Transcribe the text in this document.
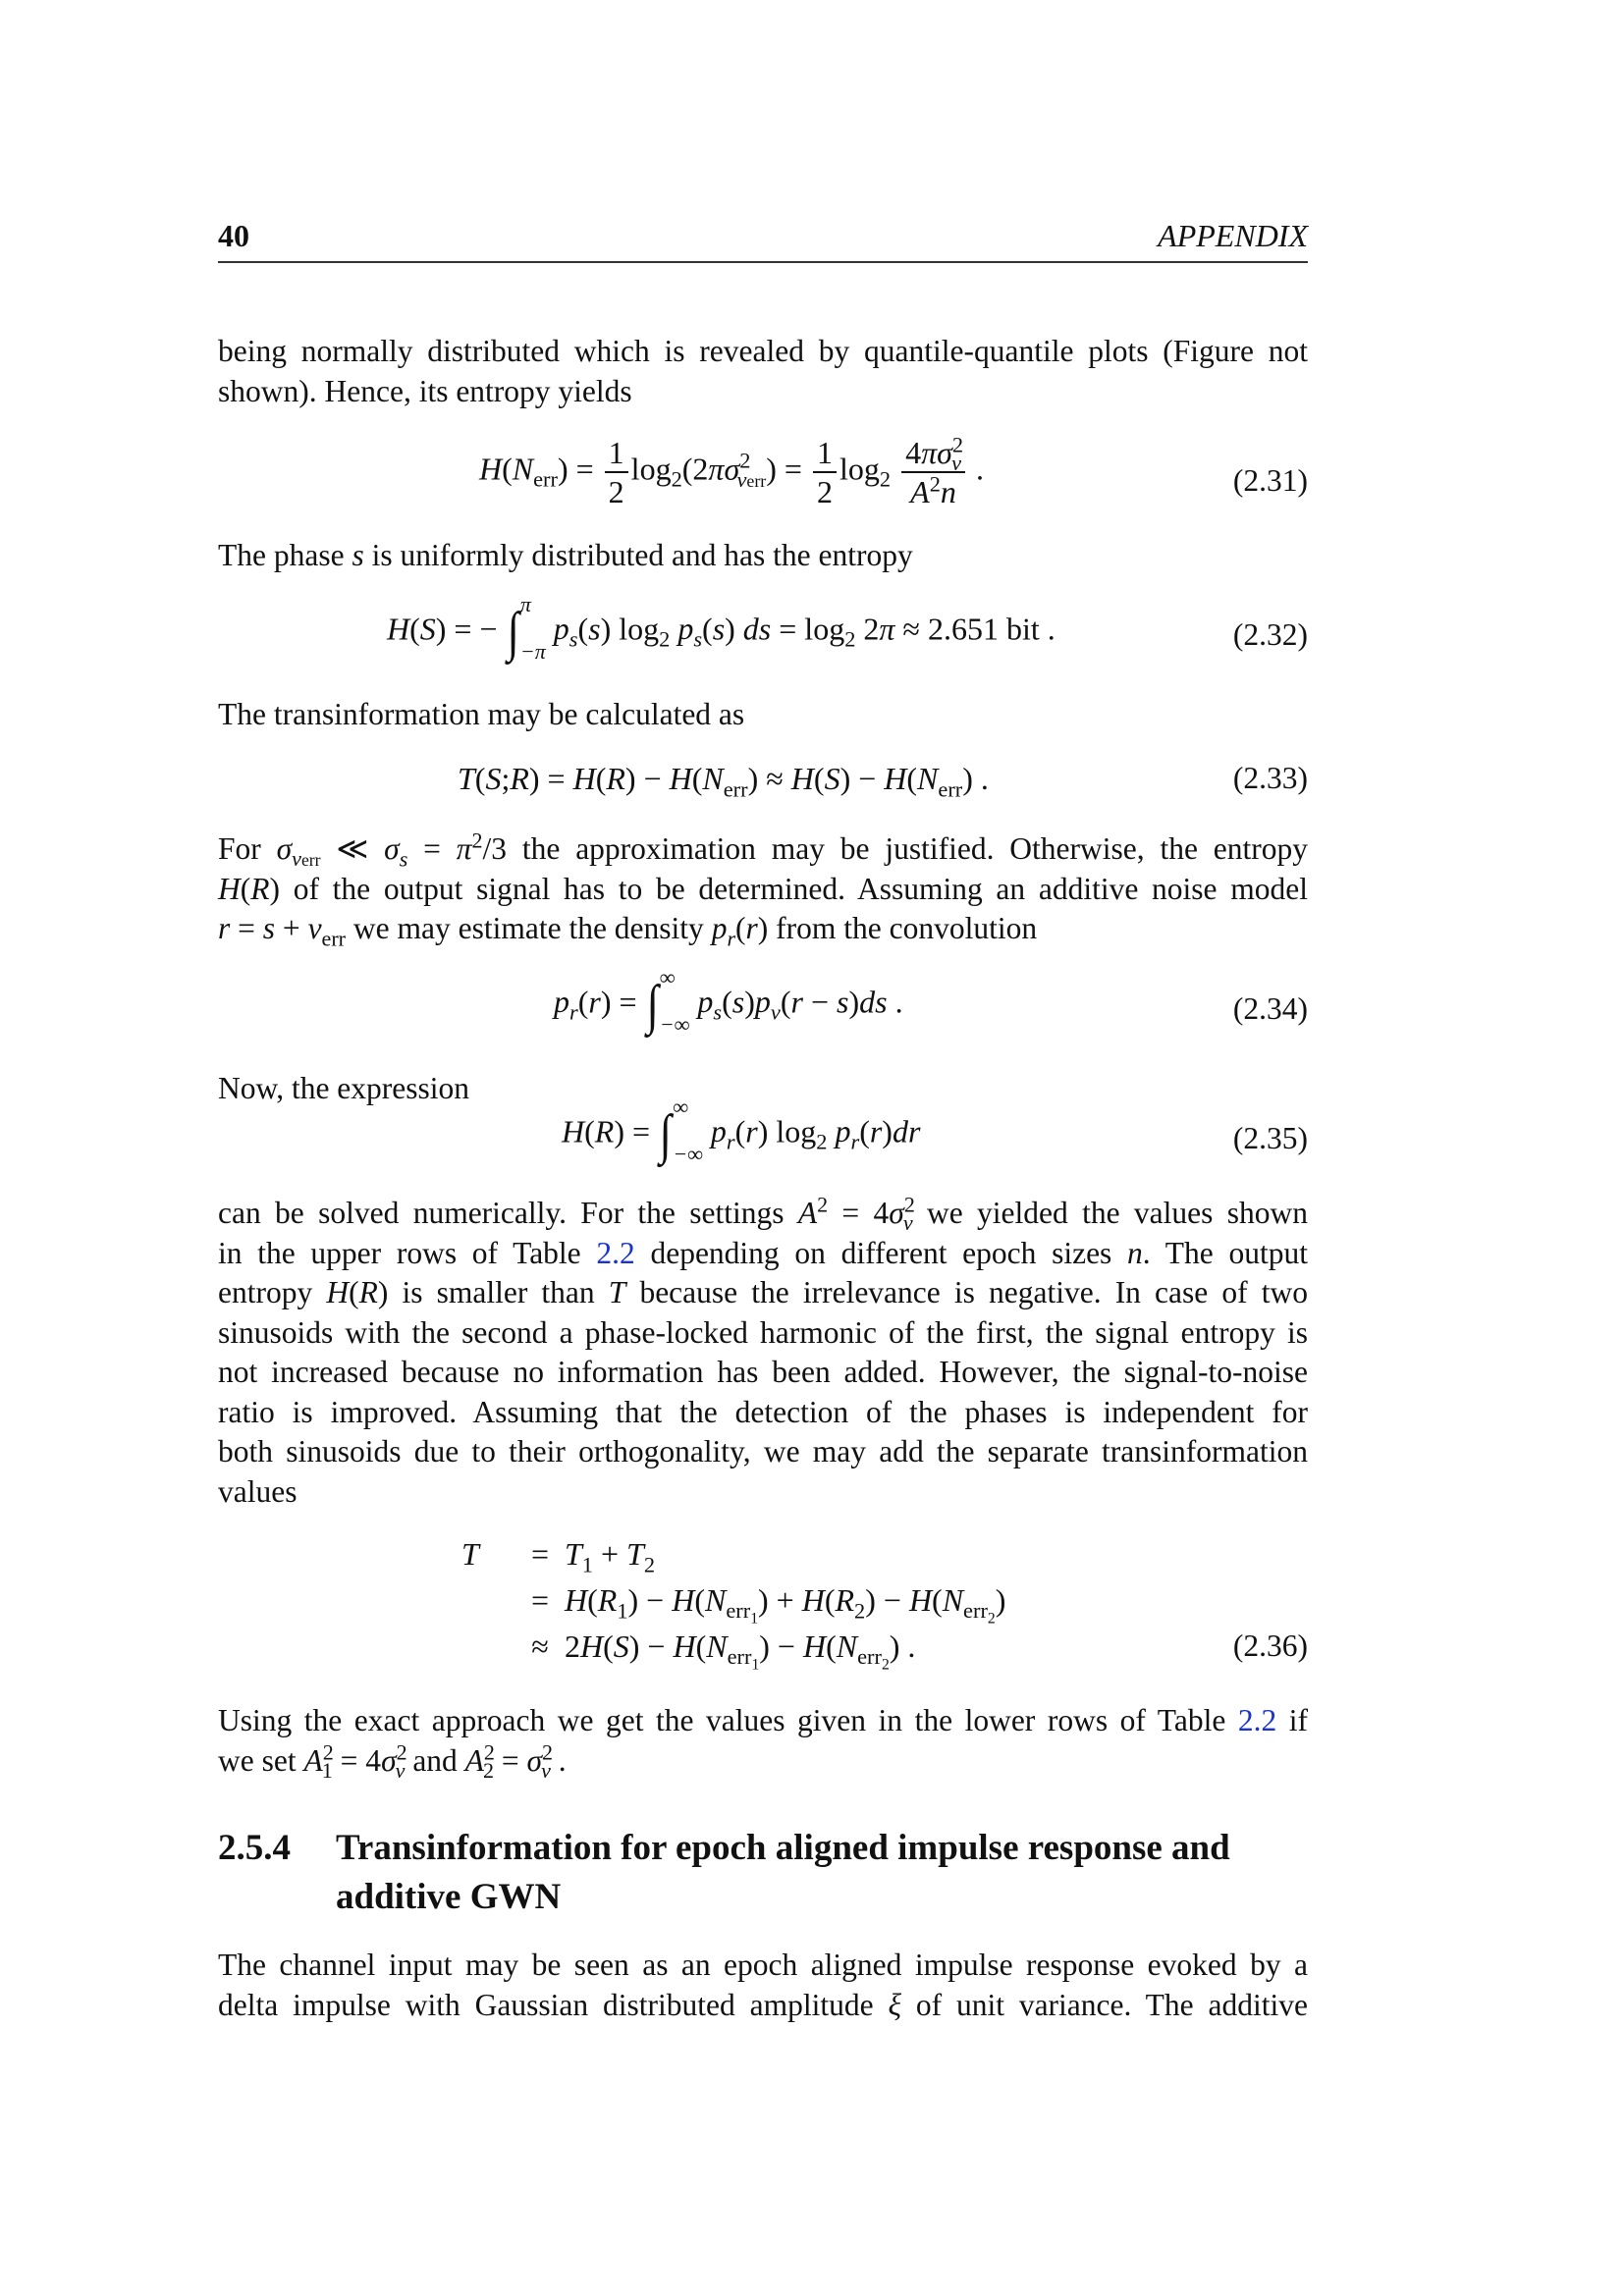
40	APPENDIX
being normally distributed which is revealed by quantile-quantile plots (Figure not
shown). Hence, its entropy yields
$H(N_{err}) = \frac{1}{2} \log_2(2\pi\sigma^2_{\nu err}) = \frac{1}{2} \log_2 \frac{4\pi\sigma^2_\nu}{A^2n}$ .	(2.31)
The phase s is uniformly distributed and has the entropy
H(S) = − ∫ π
−π
$p_s(s)$ $\log_2 p_s(s)$ ds = $\log_2 2\pi \approx 2.651$ bit .	(2.32)
The transinformation may be calculated as
T(S;R) = $H(R) - H(N_{err}) \approx H(S) - H(N_{err})$ .	(2.33)
For $\sigma_{\nu err}$ ≪ $\sigma_s = \pi^2/3$ the approximation may be justified. Otherwise, the entropy
H(R) of the output signal has to be determined. Assuming an additive noise model
$r = s + \nu_{err}$ we may estimate the density $p_r(r)$ from the convolution
$p_r(r)$ = ∫ ∞
−∞
$p_s(s)p_\nu(r - s)ds$ .	(2.34)
Now, the expression
H(R) = ∫ ∞
−∞
$p_r(r)$ $\log_2 p_r(r)dr$	(2.35)
can be solved numerically. For the settings $A^2 = 4\sigma^2_\nu$ we yielded the values shown
in the upper rows of Table 2.2 depending on different epoch sizes n. The output
entropy H(R) is smaller than T because the irrelevance is negative. In case of two
sinusoids with the second a phase-locked harmonic of the first, the signal entropy is
not increased because no information has been added. However, the signal-to-noise
ratio is improved. Assuming that the detection of the phases is independent for
both sinusoids due to their orthogonality, we may add the separate transinformation
values
T	= $T_1 + T_2$
= $H(R_1) - H(N_{err_1}) + H(R_2) - H(N_{err_2})$
≈ $2H(S) - H(N_{err_1}) - H(N_{err_2})$ .	(2.36)
Using the exact approach we get the values given in the lower rows of Table 2.2 if
we set $A^2_1 = 4\sigma^2_\nu$ and $A^2_2 = \sigma^2_\nu$ .
2.5.4 Transinformation for epoch aligned impulse response and additive GWN
The channel input may be seen as an epoch aligned impulse response evoked by a
delta impulse with Gaussian distributed amplitude ξ of unit variance. The additive
